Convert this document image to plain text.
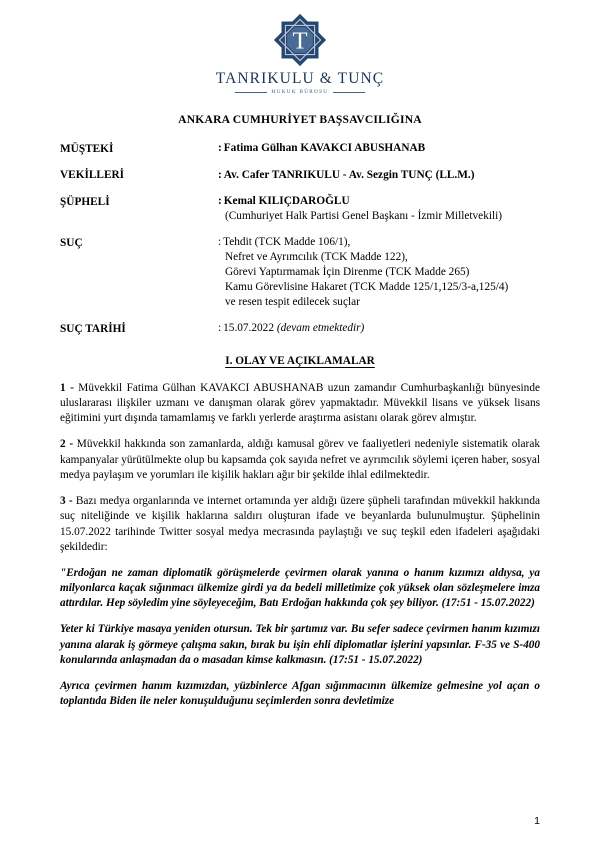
T
TANRIKULU & TUNÇ
HUKUK BÜROSU
ANKARA CUMHURİYET BAŞSAVCILIĞINA
MÜŞTEKİ	: Fatima Gülhan KAVAKCI ABUSHANAB
VEKİLLERİ	: Av. Cafer TANRIKULU - Av. Sezgin TUNÇ (LL.M.)
ŞÜPHELİ	: Kemal KILIÇDAROĞLU
(Cumhuriyet Halk Partisi Genel Başkanı - İzmir Milletvekili)
SUÇ	: Tehdit (TCK Madde 106/1),
Nefret ve Ayrımcılık (TCK Madde 122),
Görevi Yaptırmamak İçin Direnme (TCK Madde 265)
Kamu Görevlisine Hakaret (TCK Madde 125/1,125/3-a,125/4)
ve resen tespit edilecek suçlar
SUÇ TARİHİ	: 15.07.2022 (devam etmektedir)
I. OLAY VE AÇIKLAMALAR

1 - Müvekkil Fatima Gülhan KAVAKCI ABUSHANAB uzun zamandır Cumhurbaşkanlığı bünyesinde uluslararası ilişkiler uzmanı ve danışman olarak görev yapmaktadır. Müvekkil lisans ve yüksek lisans eğitimini yurt dışında tamamlamış ve farklı yerlerde araştırma asistanı olarak görev almıştır.

2 - Müvekkil hakkında son zamanlarda, aldığı kamusal görev ve faaliyetleri nedeniyle sistematik olarak kampanyalar yürütülmekte olup bu kapsamda çok sayıda nefret ve ayrımcılık söylemi içeren haber, sosyal medya paylaşım ve yorumları ile kişilik hakları ağır bir şekilde ihlal edilmektedir.

3 - Bazı medya organlarında ve internet ortamında yer aldığı üzere şüpheli tarafından müvekkil hakkında suç niteliğinde ve kişilik haklarına saldırı oluşturan ifade ve beyanlarda bulunulmuştur. Şüphelinin 15.07.2022 tarihinde Twitter sosyal medya mecrasında paylaştığı ve suç teşkil eden ifadeleri aşağıdaki şekildedir:

"Erdoğan ne zaman diplomatik görüşmelerde çevirmen olarak yanına o hanım kızımızı aldıysa, ya milyonlarca kaçak sığınmacı ülkemize girdi ya da bedeli milletimize çok yüksek olan sözleşmelere imza attırdılar. Hep söyledim yine söyleyeceğim, Batı Erdoğan hakkında çok şey biliyor. (17:51 - 15.07.2022)

Yeter ki Türkiye masaya yeniden otursun. Tek bir şartımız var. Bu sefer sadece çevirmen hanım kızımızı yanına alarak iş görmeye çalışma sakın, bırak bu işin ehli diplomatlar işlerini yapsınlar. F-35 ve S-400 konularında anlaşmadan da o masadan kimse kalkmasın. (17:51 - 15.07.2022)

Ayrıca çevirmen hanım kızımızdan, yüzbinlerce Afgan sığınmacının ülkemize gelmesine yol açan o toplantıda Biden ile neler konuşulduğunu seçimlerden sonra devletimize

1
